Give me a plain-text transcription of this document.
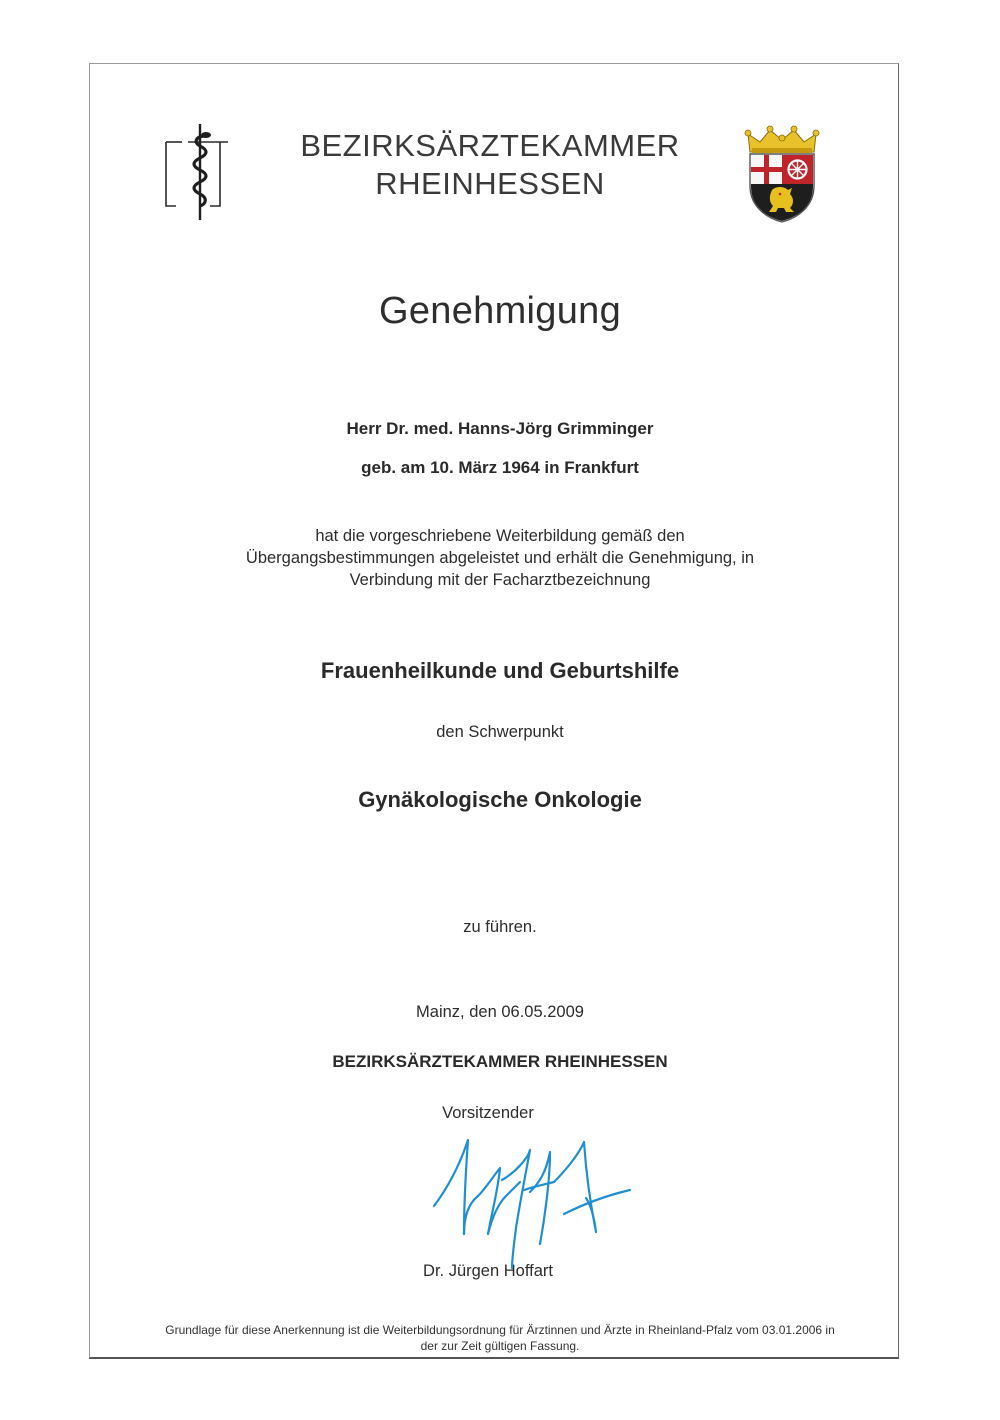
BEZIRKSÄRZTEKAMMER
RHEINHESSEN
Genehmigung
Herr Dr. med. Hanns-Jörg Grimminger
geb. am 10. März 1964 in Frankfurt
hat die vorgeschriebene Weiterbildung gemäß den
Übergangsbestimmungen abgeleistet und erhält die Genehmigung, in
Verbindung mit der Facharztbezeichnung
Frauenheilkunde und Geburtshilfe
den Schwerpunkt
Gynäkologische Onkologie
zu führen.
Mainz, den 06.05.2009
BEZIRKSÄRZTEKAMMER RHEINHESSEN
Vorsitzender
Dr. Jürgen Hoffart
Grundlage für diese Anerkennung ist die Weiterbildungsordnung für Ärztinnen und Ärzte in Rheinland-Pfalz vom 03.01.2006 in
der zur Zeit gültigen Fassung.
